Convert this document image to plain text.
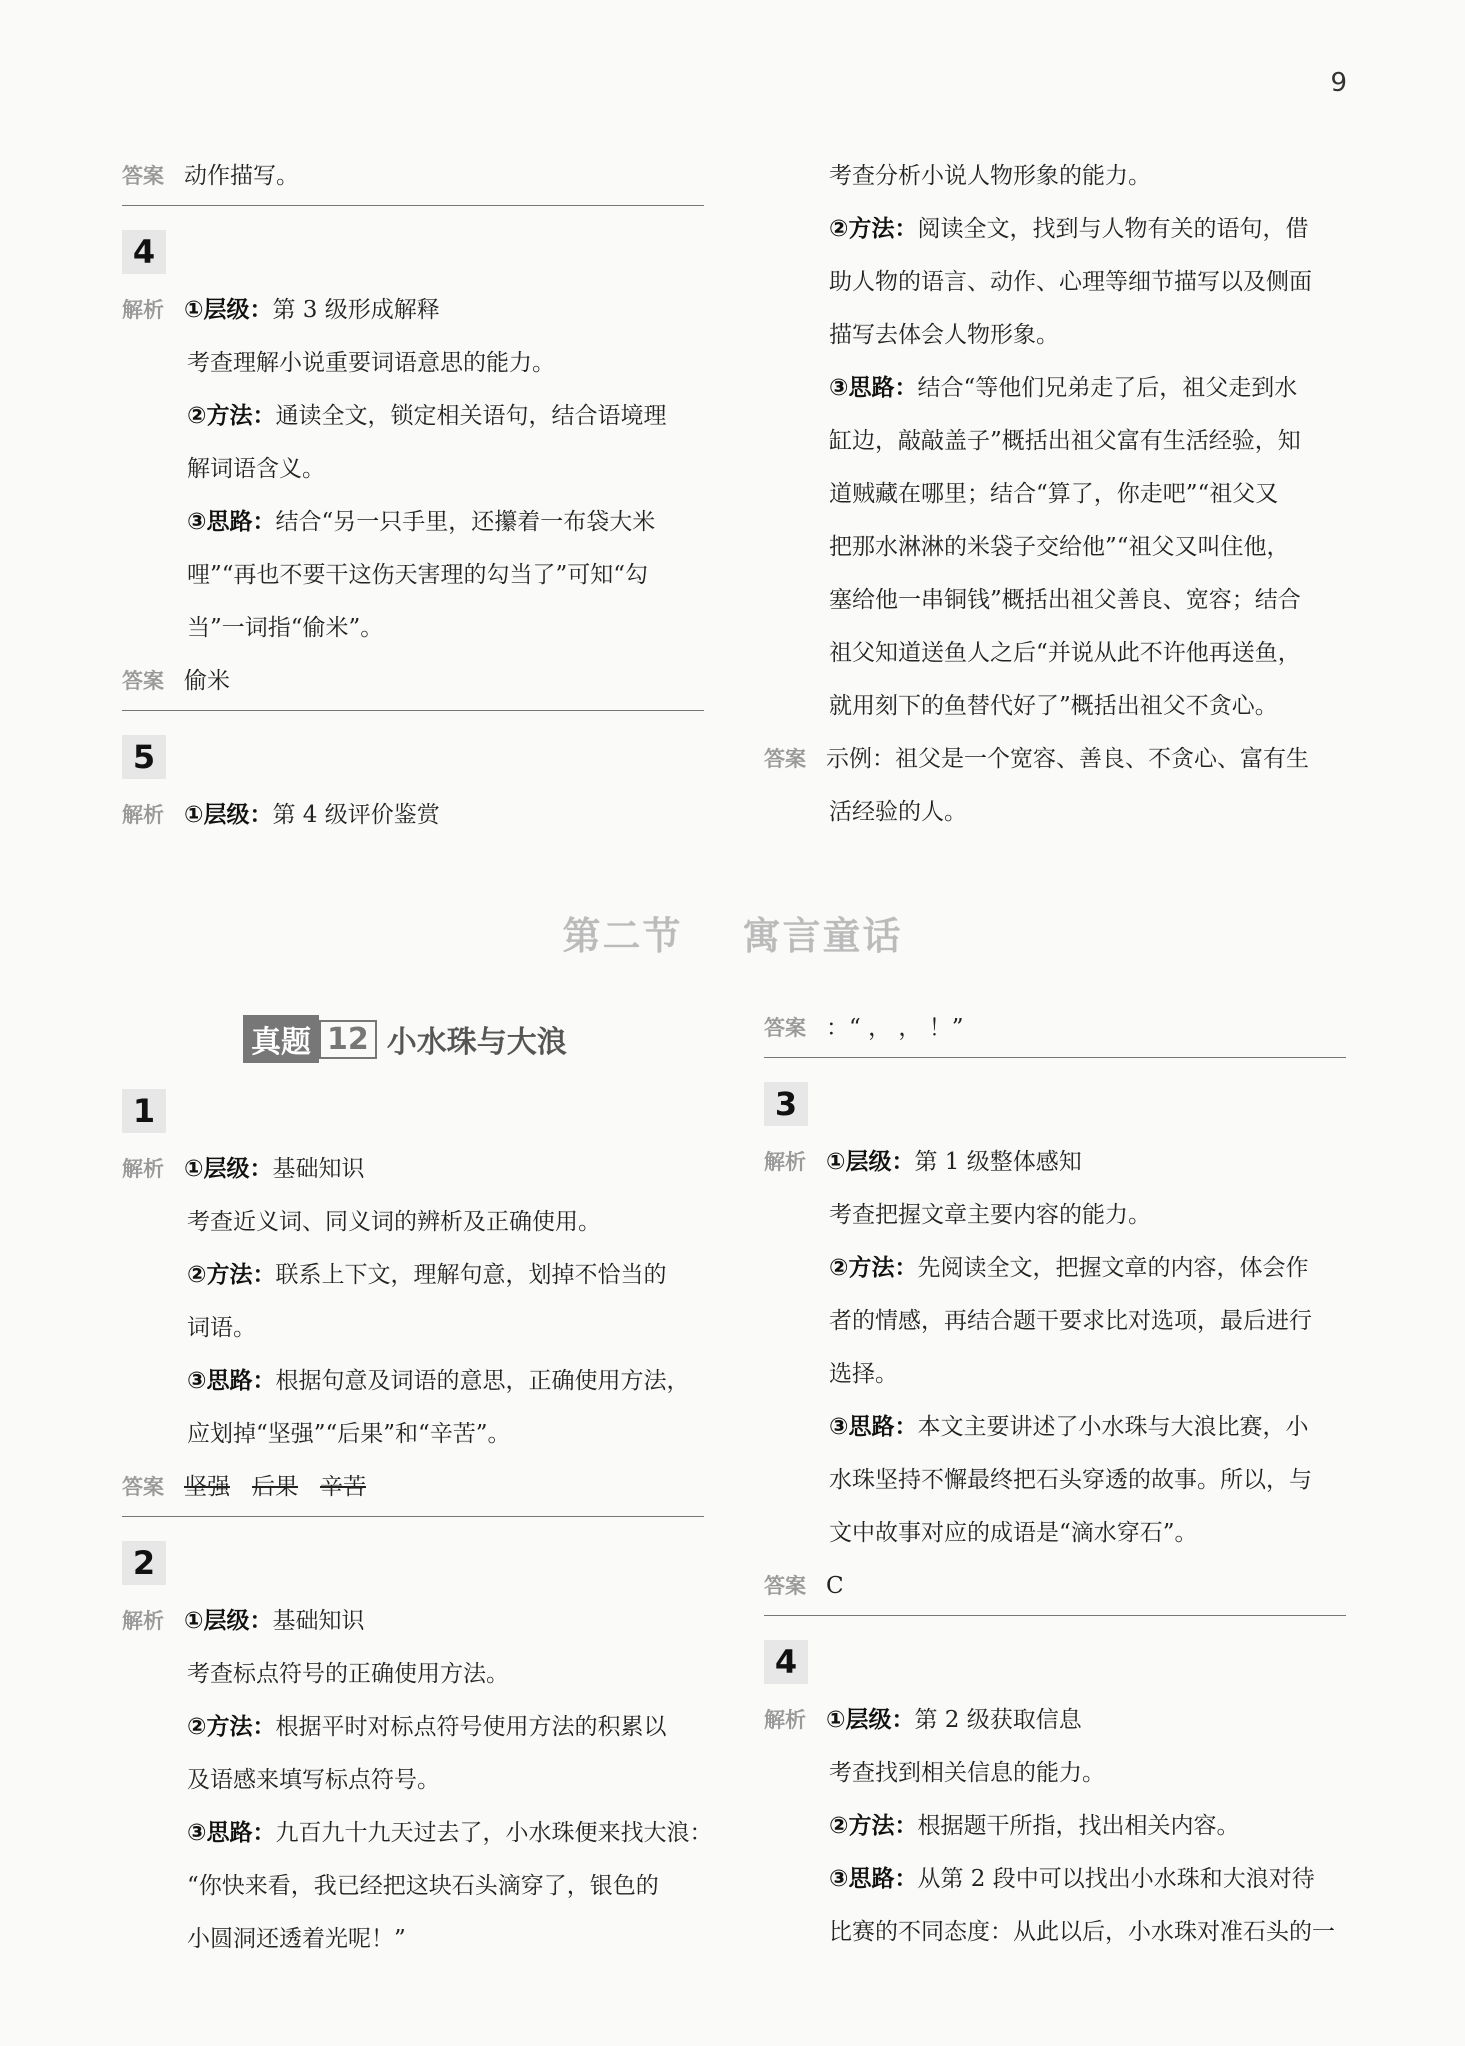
9
答案 动作描写。
4
解析 ①层级：第 3 级形成解释
考查理解小说重要词语意思的能力。
②方法：通读全文，锁定相关语句，结合语境理
解词语含义。
③思路：结合“另一只手里，还攥着一布袋大米
哩”“再也不要干这伤天害理的勾当了”可知“勾
当”一词指“偷米”。
答案 偷米
5
解析 ①层级：第 4 级评价鉴赏
考查分析小说人物形象的能力。
②方法：阅读全文，找到与人物有关的语句，借
助人物的语言、动作、心理等细节描写以及侧面
描写去体会人物形象。
③思路：结合“等他们兄弟走了后，祖父走到水
缸边，敲敲盖子”概括出祖父富有生活经验，知
道贼藏在哪里；结合“算了，你走吧”“祖父又
把那水淋淋的米袋子交给他”“祖父又叫住他，
塞给他一串铜钱”概括出祖父善良、宽容；结合
祖父知道送鱼人之后“并说从此不许他再送鱼，
就用刻下的鱼替代好了”概括出祖父不贪心。
答案 示例：祖父是一个宽容、善良、不贪心、富有生
活经验的人。
第二节 寓言童话
真题 12 小水珠与大浪
1
解析 ①层级：基础知识
考查近义词、同义词的辨析及正确使用。
②方法：联系上下文，理解句意，划掉不恰当的
词语。
③思路：根据句意及词语的意思，正确使用方法，
应划掉“坚强”“后果”和“辛苦”。
答案 坚强 后果 辛苦
2
解析 ①层级：基础知识
考查标点符号的正确使用方法。
②方法：根据平时对标点符号使用方法的积累以
及语感来填写标点符号。
③思路：九百九十九天过去了，小水珠便来找大浪：
“你快来看，我已经把这块石头滴穿了，银色的
小圆洞还透着光呢！”
答案 ：“ ， ， ！”
3
解析 ①层级：第 1 级整体感知
考查把握文章主要内容的能力。
②方法：先阅读全文，把握文章的内容，体会作
者的情感，再结合题干要求比对选项，最后进行
选择。
③思路：本文主要讲述了小水珠与大浪比赛，小
水珠坚持不懈最终把石头穿透的故事。所以，与
文中故事对应的成语是“滴水穿石”。
答案 C
4
解析 ①层级：第 2 级获取信息
考查找到相关信息的能力。
②方法：根据题干所指，找出相关内容。
③思路：从第 2 段中可以找出小水珠和大浪对待
比赛的不同态度：从此以后，小水珠对准石头的一
